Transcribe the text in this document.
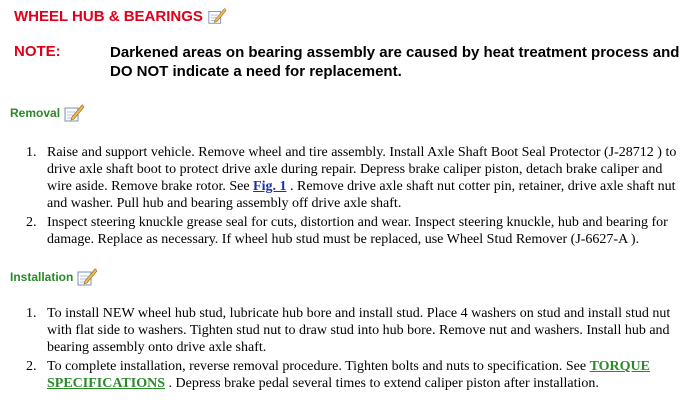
WHEEL HUB & BEARINGS
NOTE:	Darkened areas on bearing assembly are caused by heat treatment process and DO NOT indicate a need for replacement.
Removal
1. Raise and support vehicle. Remove wheel and tire assembly. Install Axle Shaft Boot Seal Protector (J-28712 ) to drive axle shaft boot to protect drive axle during repair. Depress brake caliper piston, detach brake caliper and wire aside. Remove brake rotor. See Fig. 1 . Remove drive axle shaft nut cotter pin, retainer, drive axle shaft nut and washer. Pull hub and bearing assembly off drive axle shaft.
2. Inspect steering knuckle grease seal for cuts, distortion and wear. Inspect steering knuckle, hub and bearing for damage. Replace as necessary. If wheel hub stud must be replaced, use Wheel Stud Remover (J-6627-A ).
Installation
1. To install NEW wheel hub stud, lubricate hub bore and install stud. Place 4 washers on stud and install stud nut with flat side to washers. Tighten stud nut to draw stud into hub bore. Remove nut and washers. Install hub and bearing assembly onto drive axle shaft.
2. To complete installation, reverse removal procedure. Tighten bolts and nuts to specification. See TORQUE SPECIFICATIONS . Depress brake pedal several times to extend caliper piston after installation.
